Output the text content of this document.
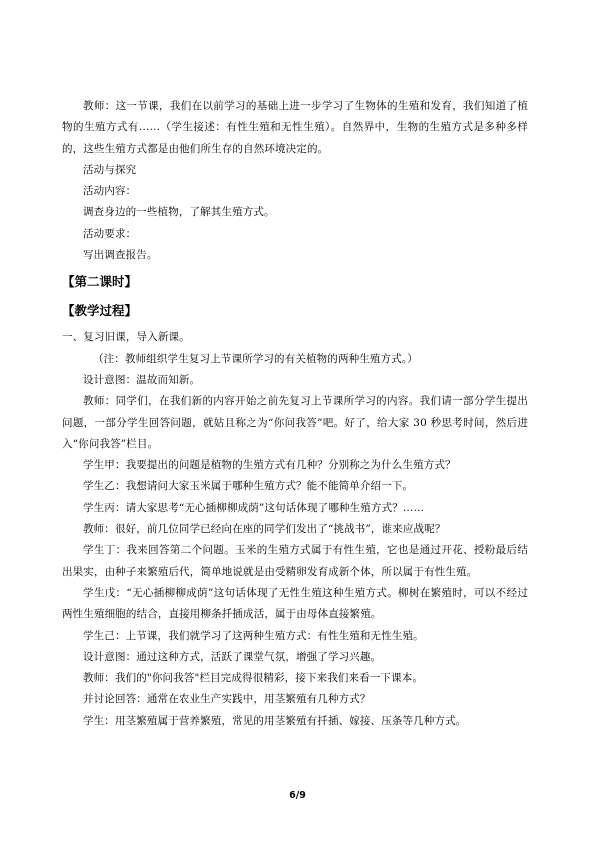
教师：这一节课，我们在以前学习的基础上进一步学习了生物体的生殖和发育，我们知道了植物的生殖方式有……（学生接述：有性生殖和无性生殖）。自然界中，生物的生殖方式是多种多样的，这些生殖方式都是由他们所生存的自然环境决定的。

活动与探究

活动内容：

调查身边的一些植物，了解其生殖方式。

活动要求：

写出调查报告。

【第二课时】
【教学过程】

一、复习旧课，导入新课。

（注：教师组织学生复习上节课所学习的有关植物的两种生殖方式。）

设计意图：温故而知新。

教师：同学们，在我们新的内容开始之前先复习上节课所学习的内容。我们请一部分学生提出问题，一部分学生回答问题，就姑且称之为“你问我答”吧。好了，给大家 30 秒思考时间，然后进入“你问我答”栏目。

学生甲：我要提出的问题是植物的生殖方式有几种？分别称之为什么生殖方式？

学生乙：我想请问大家玉米属于哪种生殖方式？能不能简单介绍一下。

学生丙：请大家思考“无心插柳柳成荫”这句话体现了哪种生殖方式？……

教师：很好，前几位同学已经向在座的同学们发出了“挑战书”，谁来应战呢？

学生丁：我来回答第二个问题。玉米的生殖方式属于有性生殖，它也是通过开花、授粉最后结出果实，由种子来繁殖后代，简单地说就是由受精卵发育成新个体，所以属于有性生殖。

学生戊：“无心插柳柳成荫”这句话体现了无性生殖这种生殖方式。柳树在繁殖时，可以不经过两性生殖细胞的结合，直接用柳条扦插成活，属于由母体直接繁殖。

学生己：上节课，我们就学习了这两种生殖方式：有性生殖和无性生殖。

设计意图：通过这种方式，活跃了课堂气氛，增强了学习兴趣。

教师：我们的"你问我答"栏目完成得很精彩，接下来我们来看一下课本。

并讨论回答：通常在农业生产实践中，用茎繁殖有几种方式？

学生：用茎繁殖属于营养繁殖，常见的用茎繁殖有扦插、嫁接、压条等几种方式。

6/9
